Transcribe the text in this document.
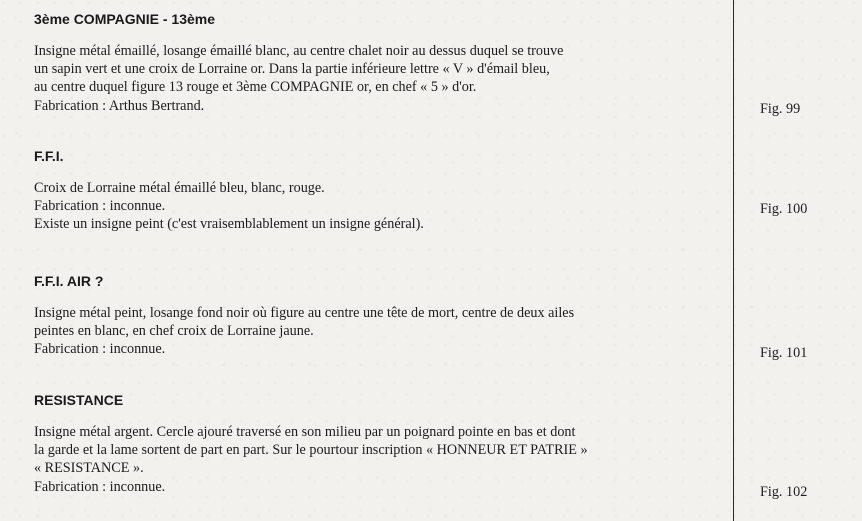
3ème COMPAGNIE - 13ème
Insigne métal émaillé, losange émaillé blanc, au centre chalet noir au dessus duquel se trouve
un sapin vert et une croix de Lorraine or. Dans la partie inférieure lettre « V » d'émail bleu,
au centre duquel figure 13 rouge et 3ème COMPAGNIE or, en chef « 5 » d'or.
Fabrication : Arthus Bertrand.	Fig. 99
F.F.I.
Croix de Lorraine métal émaillé bleu, blanc, rouge.
Fabrication : inconnue.
Existe un insigne peint (c'est vraisemblablement un insigne général).
Fig. 100
F.F.I. AIR ?
Insigne métal peint, losange fond noir où figure au centre une tête de mort, centre de deux ailes
peintes en blanc, en chef croix de Lorraine jaune.
Fabrication : inconnue.	Fig. 101
RESISTANCE
Insigne métal argent. Cercle ajouré traversé en son milieu par un poignard pointe en bas et dont
la garde et la lame sortent de part en part. Sur le pourtour inscription « HONNEUR ET PATRIE »
« RESISTANCE ».
Fabrication : inconnue.	Fig. 102
